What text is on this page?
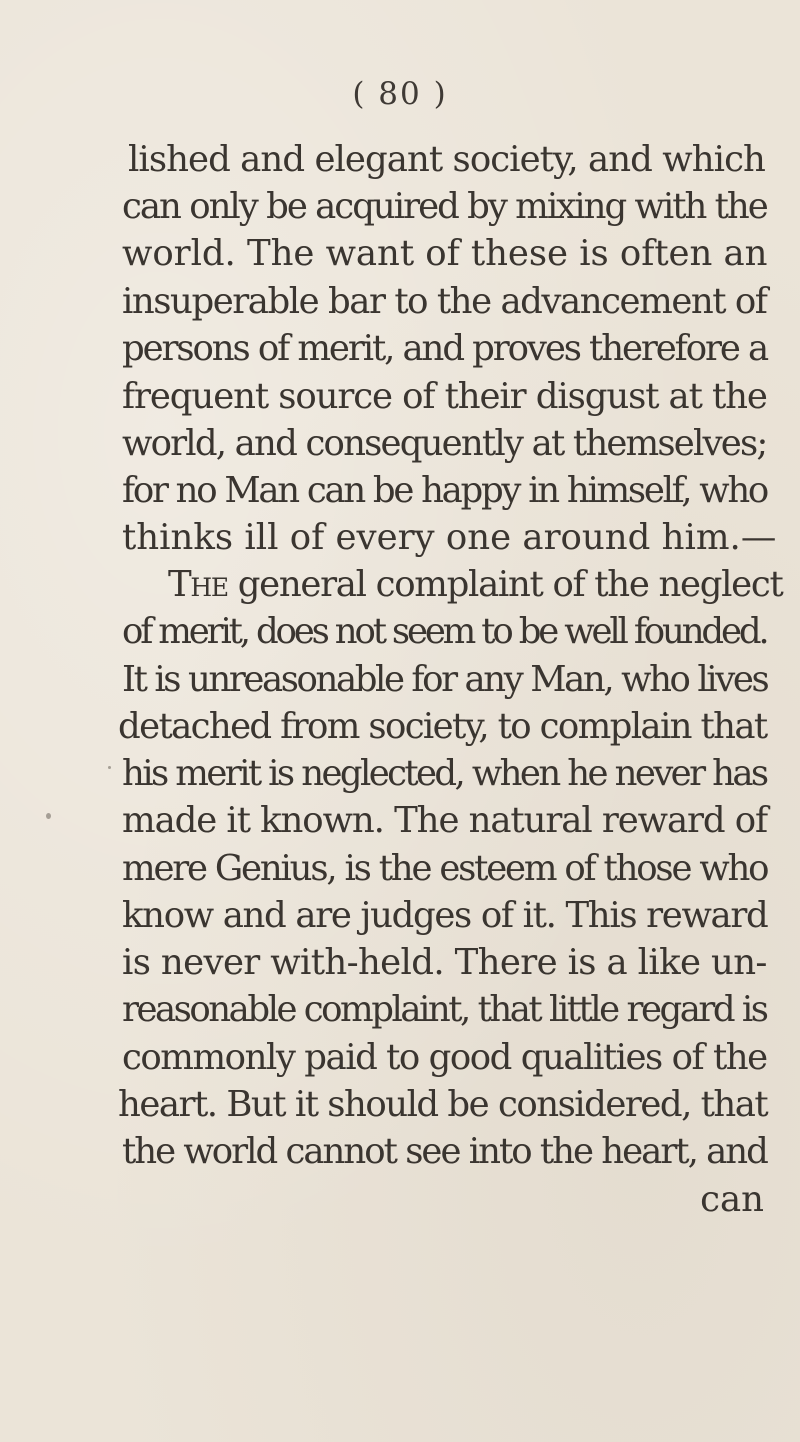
( 80 )
lished and elegant society, and which
can only be acquired by mixing with the
world. The want of these is often an
insuperable bar to the advancement of
persons of merit, and proves therefore a
frequent source of their disgust at the
world, and consequently at themselves;
for no Man can be happy in himself, who
thinks ill of every one around him.—
The general complaint of the neglect
of merit, does not seem to be well founded.
It is unreasonable for any Man, who lives
detached from society, to complain that
his merit is neglected, when he never has
made it known. The natural reward of
mere Genius, is the esteem of those who
know and are judges of it. This reward
is never with-held. There is a like un-
reasonable complaint, that little regard is
commonly paid to good qualities of the
heart. But it should be considered, that
the world cannot see into the heart, and
can
